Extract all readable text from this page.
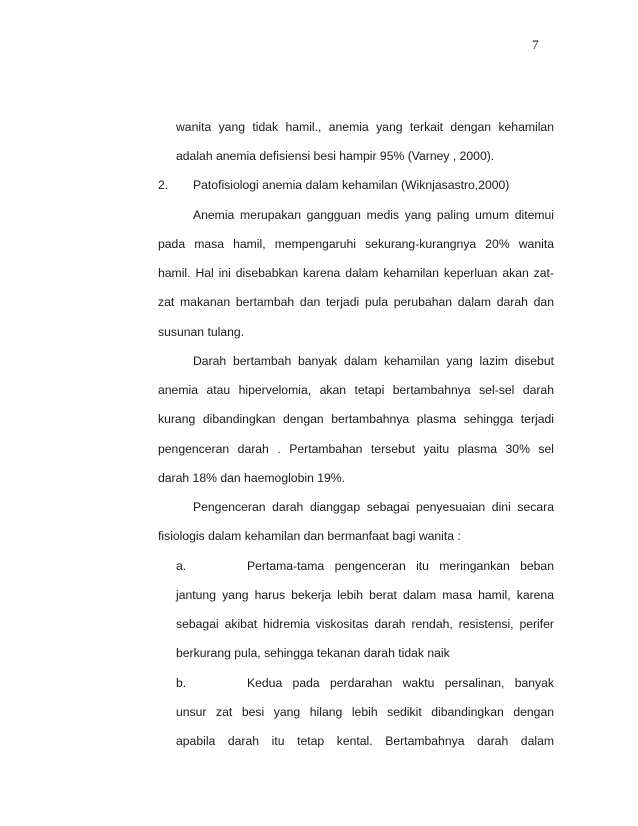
7
wanita yang tidak hamil., anemia yang terkait dengan kehamilan
adalah anemia defisiensi besi hampir 95% (Varney , 2000).
2. Patofisiologi anemia dalam kehamilan (Wiknjasastro,2000)
Anemia merupakan gangguan medis yang paling umum ditemui
pada masa hamil, mempengaruhi sekurang-kurangnya 20% wanita
hamil. Hal ini disebabkan karena dalam kehamilan keperluan akan zat-
zat makanan bertambah dan terjadi pula perubahan dalam darah dan
susunan tulang.
Darah bertambah banyak dalam kehamilan yang lazim disebut
anemia atau hipervelomia, akan tetapi bertambahnya sel-sel darah
kurang dibandingkan dengan bertambahnya plasma sehingga terjadi
pengenceran darah . Pertambahan tersebut yaitu plasma 30% sel
darah 18% dan haemoglobin 19%.
Pengenceran darah dianggap sebagai penyesuaian dini secara
fisiologis dalam kehamilan dan bermanfaat bagi wanita :
a.	Pertama-tama pengenceran itu meringankan beban
jantung yang harus bekerja lebih berat dalam masa hamil, karena
sebagai akibat hidremia viskositas darah rendah, resistensi, perifer
berkurang pula, sehingga tekanan darah tidak naik
b.	Kedua pada perdarahan waktu persalinan, banyak
unsur zat besi yang hilang lebih sedikit dibandingkan dengan
apabila darah itu tetap kental. Bertambahnya darah dalam
